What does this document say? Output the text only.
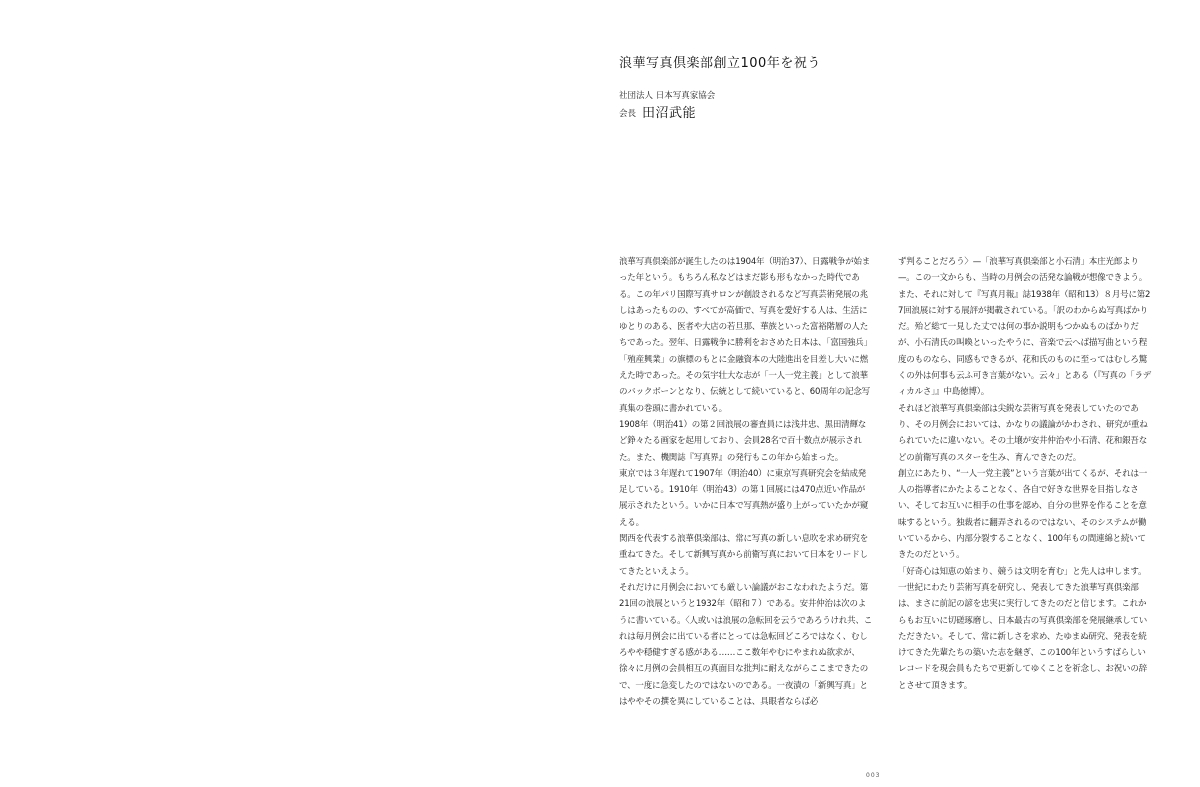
浪華写真倶楽部創立100年を祝う
社団法人 日本写真家協会
会長 田沼武能

浪華写真倶楽部が誕生したのは1904年（明治37）、日露戦争が始まった年という。もちろん私などはまだ影も形もなかった時代である。この年パリ国際写真サロンが創設されるなど写真芸術発展の兆しはあったものの、すべてが高価で、写真を愛好する人は、生活にゆとりのある、医者や大店の若旦那、華族といった富裕階層の人たちであった。翌年、日露戦争に勝利をおさめた日本は、「富国強兵」「殖産興業」の旗標のもとに金融資本の大陸進出を目差し大いに燃えた時であった。その気宇壮大な志が「一人一党主義」として浪華のバックボーンとなり、伝統として続いていると、60周年の記念写真集の巻頭に書かれている。

1908年（明治41）の第２回浪展の審査員には浅井忠、黒田清輝など錚々たる画家を起用しており、会員28名で百十数点が展示された。また、機関誌『写真界』の発行もこの年から始まった。

東京では３年遅れて1907年（明治40）に東京写真研究会を結成発足している。1910年（明治43）の第１回展には470点近い作品が展示されたという。いかに日本で写真熱が盛り上がっていたかが窺える。

関西を代表する浪華倶楽部は、常に写真の新しい息吹を求め研究を重ねてきた。そして新興写真から前衛写真において日本をリードしてきたといえよう。

それだけに月例会においても厳しい論議がおこなわれたようだ。第21回の浪展というと1932年（昭和７）である。安井仲治は次のように書いている。〈人或いは浪展の急転回を云うであろうけれ共、これは毎月例会に出ている者にとっては急転回どころではなく、むしろやや穏健すぎる感がある……ここ数年やむにやまれぬ欲求が、徐々に月例の会員相互の真面目な批判に耐えながらここまできたので、一度に急変したのではないのである。一夜漬の「新興写真」とはややその撰を異にしていることは、具眼者ならば必

ず判ることだろう〉—「浪華写真倶楽部と小石清」本庄光郎より—。この一文からも、当時の月例会の活発な論戦が想像できよう。

また、それに対して『写真月報』誌1938年（昭和13）８月号に第27回浪展に対する展評が掲載されている。「訳のわからぬ写真ばかりだ。殆ど総て一見した丈では何の事か説明もつかぬものばかりだが、小石清氏の叫喚といったやうに、音楽で云へば描写曲という程度のものなら、同感もできるが、花和氏のものに至ってはむしろ驚くの外は何事も云ふ可き言葉がない。云々」とある（『写真の「ラディカルさ」』中島徳博）。

それほど浪華写真倶楽部は尖鋭な芸術写真を発表していたのであり、その月例会においては、かなりの議論がかわされ、研究が重ねられていたに違いない。その土壌が安井仲治や小石清、花和銀吾などの前衛写真のスターを生み、育んできたのだ。

創立にあたり、“一人一党主義”という言葉が出てくるが、それは一人の指導者にかたよることなく、各自で好きな世界を目指しなさい、そしてお互いに相手の仕事を認め、自分の世界を作ることを意味するという。独裁者に翻弄されるのではない、そのシステムが働いているから、内部分裂することなく、100年もの間連綿と続いてきたのだという。

「好奇心は知恵の始まり、競うは文明を育む」と先人は申します。一世紀にわたり芸術写真を研究し、発表してきた浪華写真倶楽部は、まさに前記の諺を忠実に実行してきたのだと信じます。これからもお互いに切磋琢磨し、日本最古の写真倶楽部を発展継承していただきたい。そして、常に新しさを求め、たゆまぬ研究、発表を続けてきた先輩たちの築いた志を継ぎ、この100年というすばらしいレコードを現会員もたちで更新してゆくことを祈念し、お祝いの辞とさせて頂きます。

003
